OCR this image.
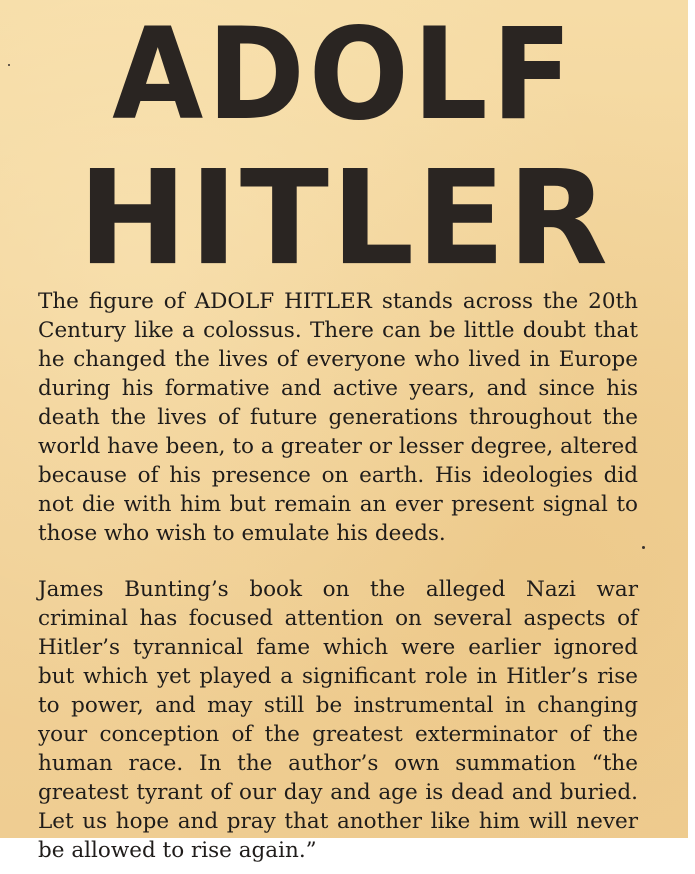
ADOLF
HITLER

The figure of ADOLF HITLER stands across the 20th Century like a colossus. There can be little doubt that he changed the lives of everyone who lived in Europe during his formative and active years, and since his death the lives of future generations throughout the world have been, to a greater or lesser degree, altered because of his presence on earth. His ideologies did not die with him but remain an ever present signal to those who wish to emulate his deeds.

James Bunting’s book on the alleged Nazi war criminal has focused attention on several aspects of Hitler’s tyrannical fame which were earlier ignored but which yet played a significant role in Hitler’s rise to power, and may still be instrumental in changing your conception of the greatest exterminator of the human race. In the author’s own summation “the greatest tyrant of our day and age is dead and buried. Let us hope and pray that another like him will never be allowed to rise again.”
